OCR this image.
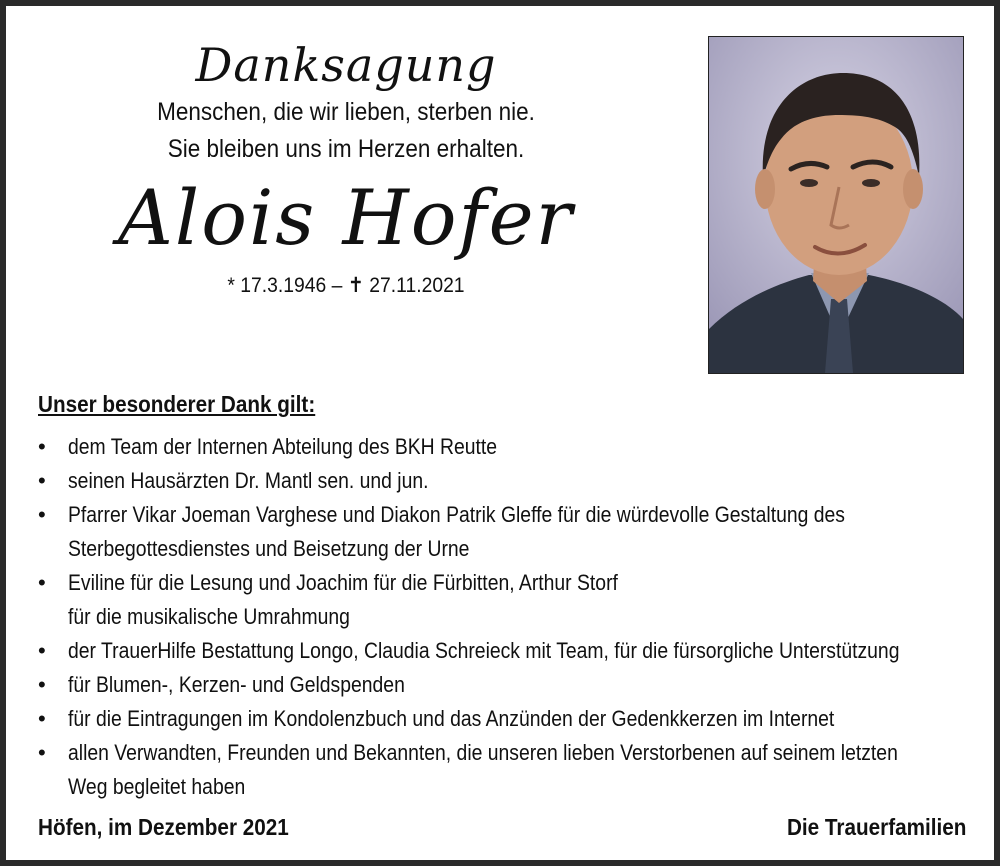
Danksagung
Menschen, die wir lieben, sterben nie.
Sie bleiben uns im Herzen erhalten.
Alois Hofer
* 17.3.1946 – ✝ 27.11.2021
Unser besonderer Dank gilt:
• dem Team der Internen Abteilung des BKH Reutte
• seinen Hausärzten Dr. Mantl sen. und jun.
• Pfarrer Vikar Joeman Varghese und Diakon Patrik Gleffe für die würdevolle Gestaltung des
Sterbegottesdienstes und Beisetzung der Urne
• Eviline für die Lesung und Joachim für die Fürbitten, Arthur Storf
für die musikalische Umrahmung
• der TrauerHilfe Bestattung Longo, Claudia Schreieck mit Team, für die fürsorgliche Unterstützung
• für Blumen-, Kerzen- und Geldspenden
• für die Eintragungen im Kondolenzbuch und das Anzünden der Gedenkkerzen im Internet
• allen Verwandten, Freunden und Bekannten, die unseren lieben Verstorbenen auf seinem letzten
Weg begleitet haben
Höfen, im Dezember 2021	Die Trauerfamilien
